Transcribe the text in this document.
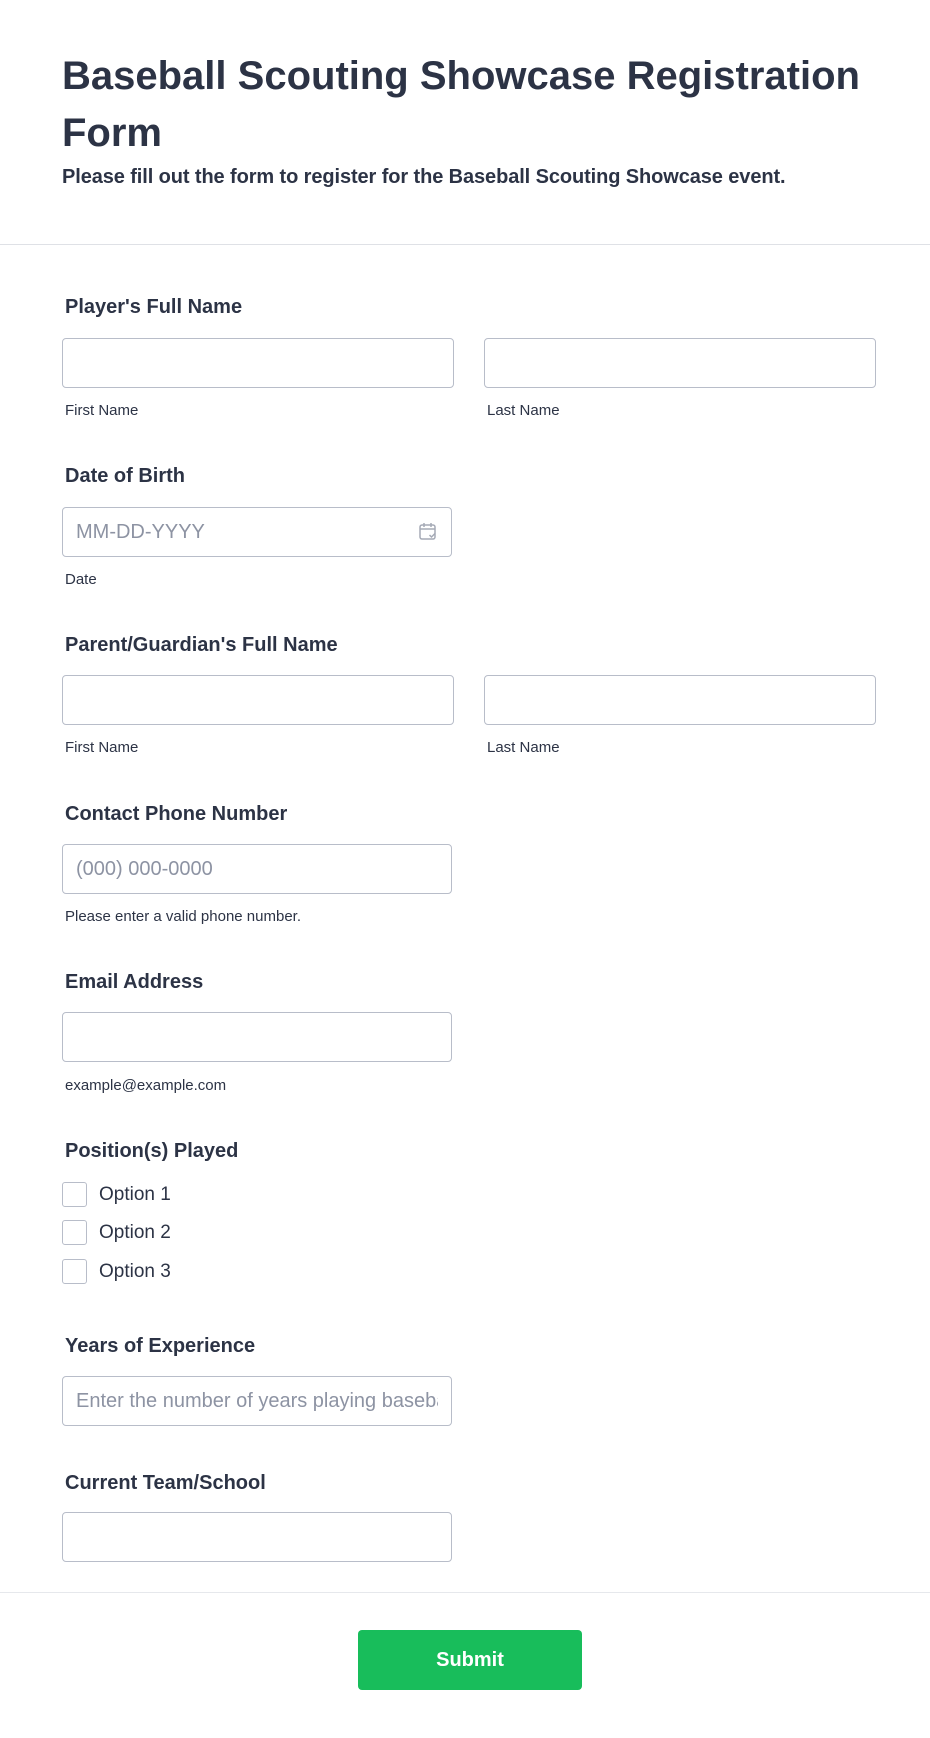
Baseball Scouting Showcase Registration Form

Please fill out the form to register for the Baseball Scouting Showcase event.

Player's Full Name
First Name	Last Name
Date of Birth
MM-DD-YYYY
Date
Parent/Guardian's Full Name
First Name	Last Name
Contact Phone Number
(000) 000-0000
Please enter a valid phone number.
Email Address
example@example.com
Position(s) Played
Option 1
Option 2
Option 3
Years of Experience
Enter the number of years playing baseball
Current Team/School
Submit
